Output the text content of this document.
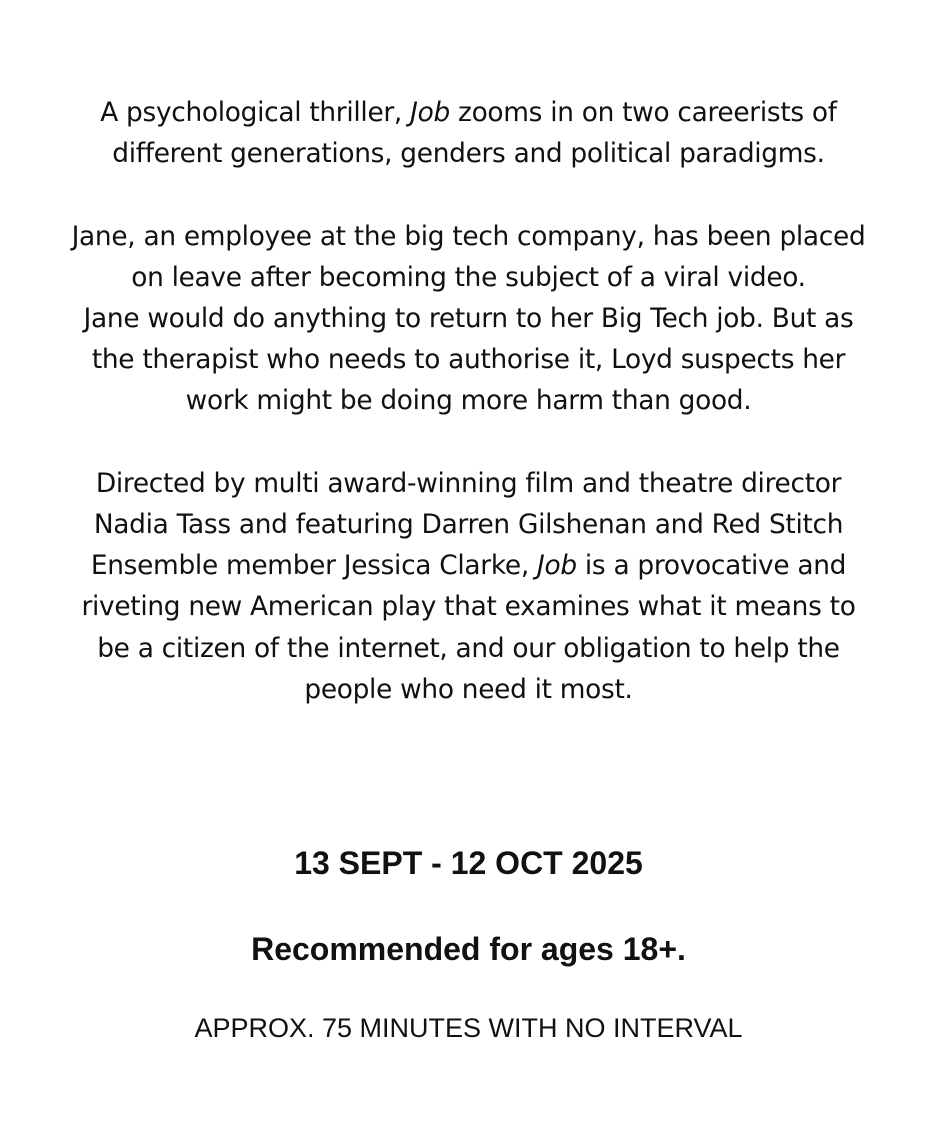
A psychological thriller, Job zooms in on two careerists of
different generations, genders and political paradigms.

Jane, an employee at the big tech company, has been placed
on leave after becoming the subject of a viral video.
Jane would do anything to return to her Big Tech job. But as
the therapist who needs to authorise it, Loyd suspects her
work might be doing more harm than good.

Directed by multi award-winning film and theatre director
Nadia Tass and featuring Darren Gilshenan and Red Stitch
Ensemble member Jessica Clarke, Job is a provocative and
riveting new American play that examines what it means to
be a citizen of the internet, and our obligation to help the
people who need it most.

13 SEPT - 12 OCT 2025
Recommended for ages 18+.
APPROX. 75 MINUTES WITH NO INTERVAL
